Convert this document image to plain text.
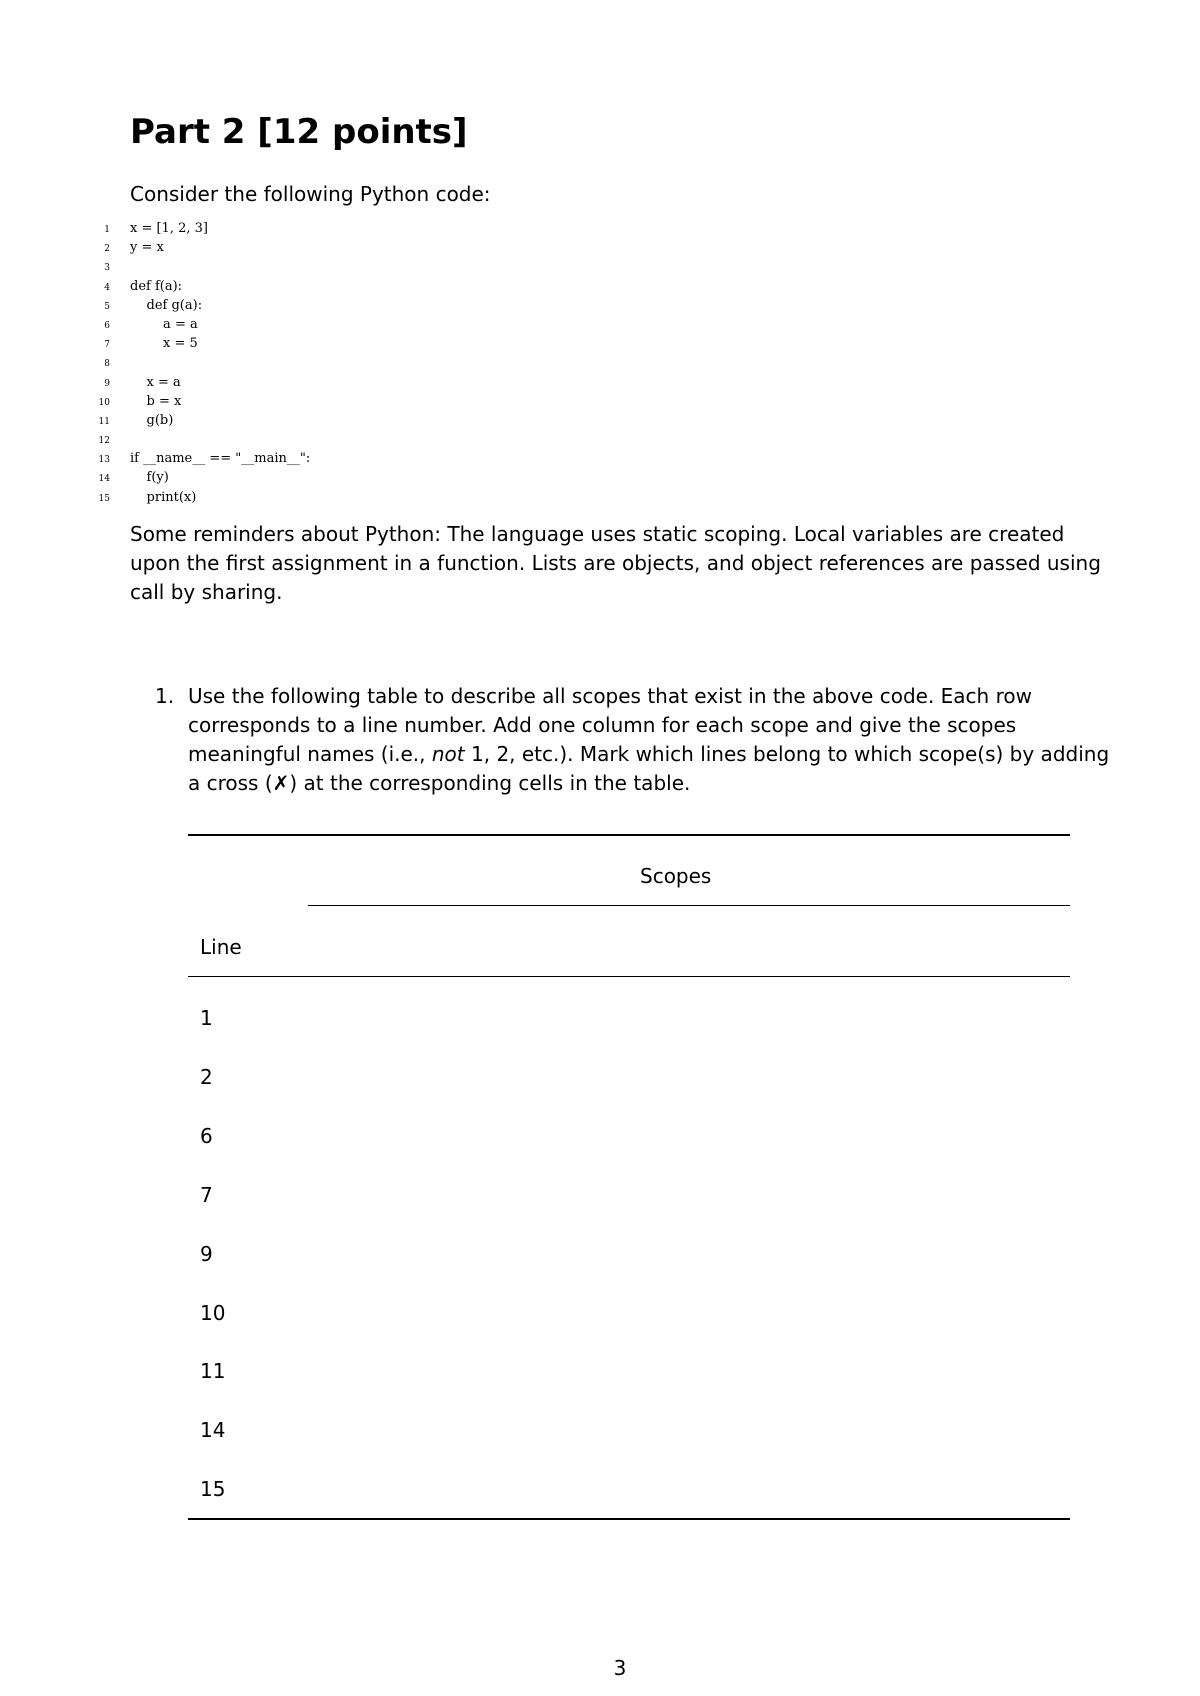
Part 2 [12 points]

Consider the following Python code:

1 x = [1, 2, 3]
2 y = x
3
4 def f(a):
5    def g(a):
6        a = a
7        x = 5
8
9    x = a
10    b = x
11    g(b)
12
13 if __name__ == "__main__":
14    f(y)
15    print(x)

Some reminders about Python: The language uses static scoping. Local variables are created upon the first assignment in a function. Lists are objects, and object references are passed using call by sharing.

1. Use the following table to describe all scopes that exist in the above code. Each row corresponds to a line number. Add one column for each scope and give the scopes meaningful names (i.e., not 1, 2, etc.). Mark which lines belong to which scope(s) by adding a cross (✗) at the corresponding cells in the table.

Scopes
Line
1
2
6
7
9
10
11
14
15
3
